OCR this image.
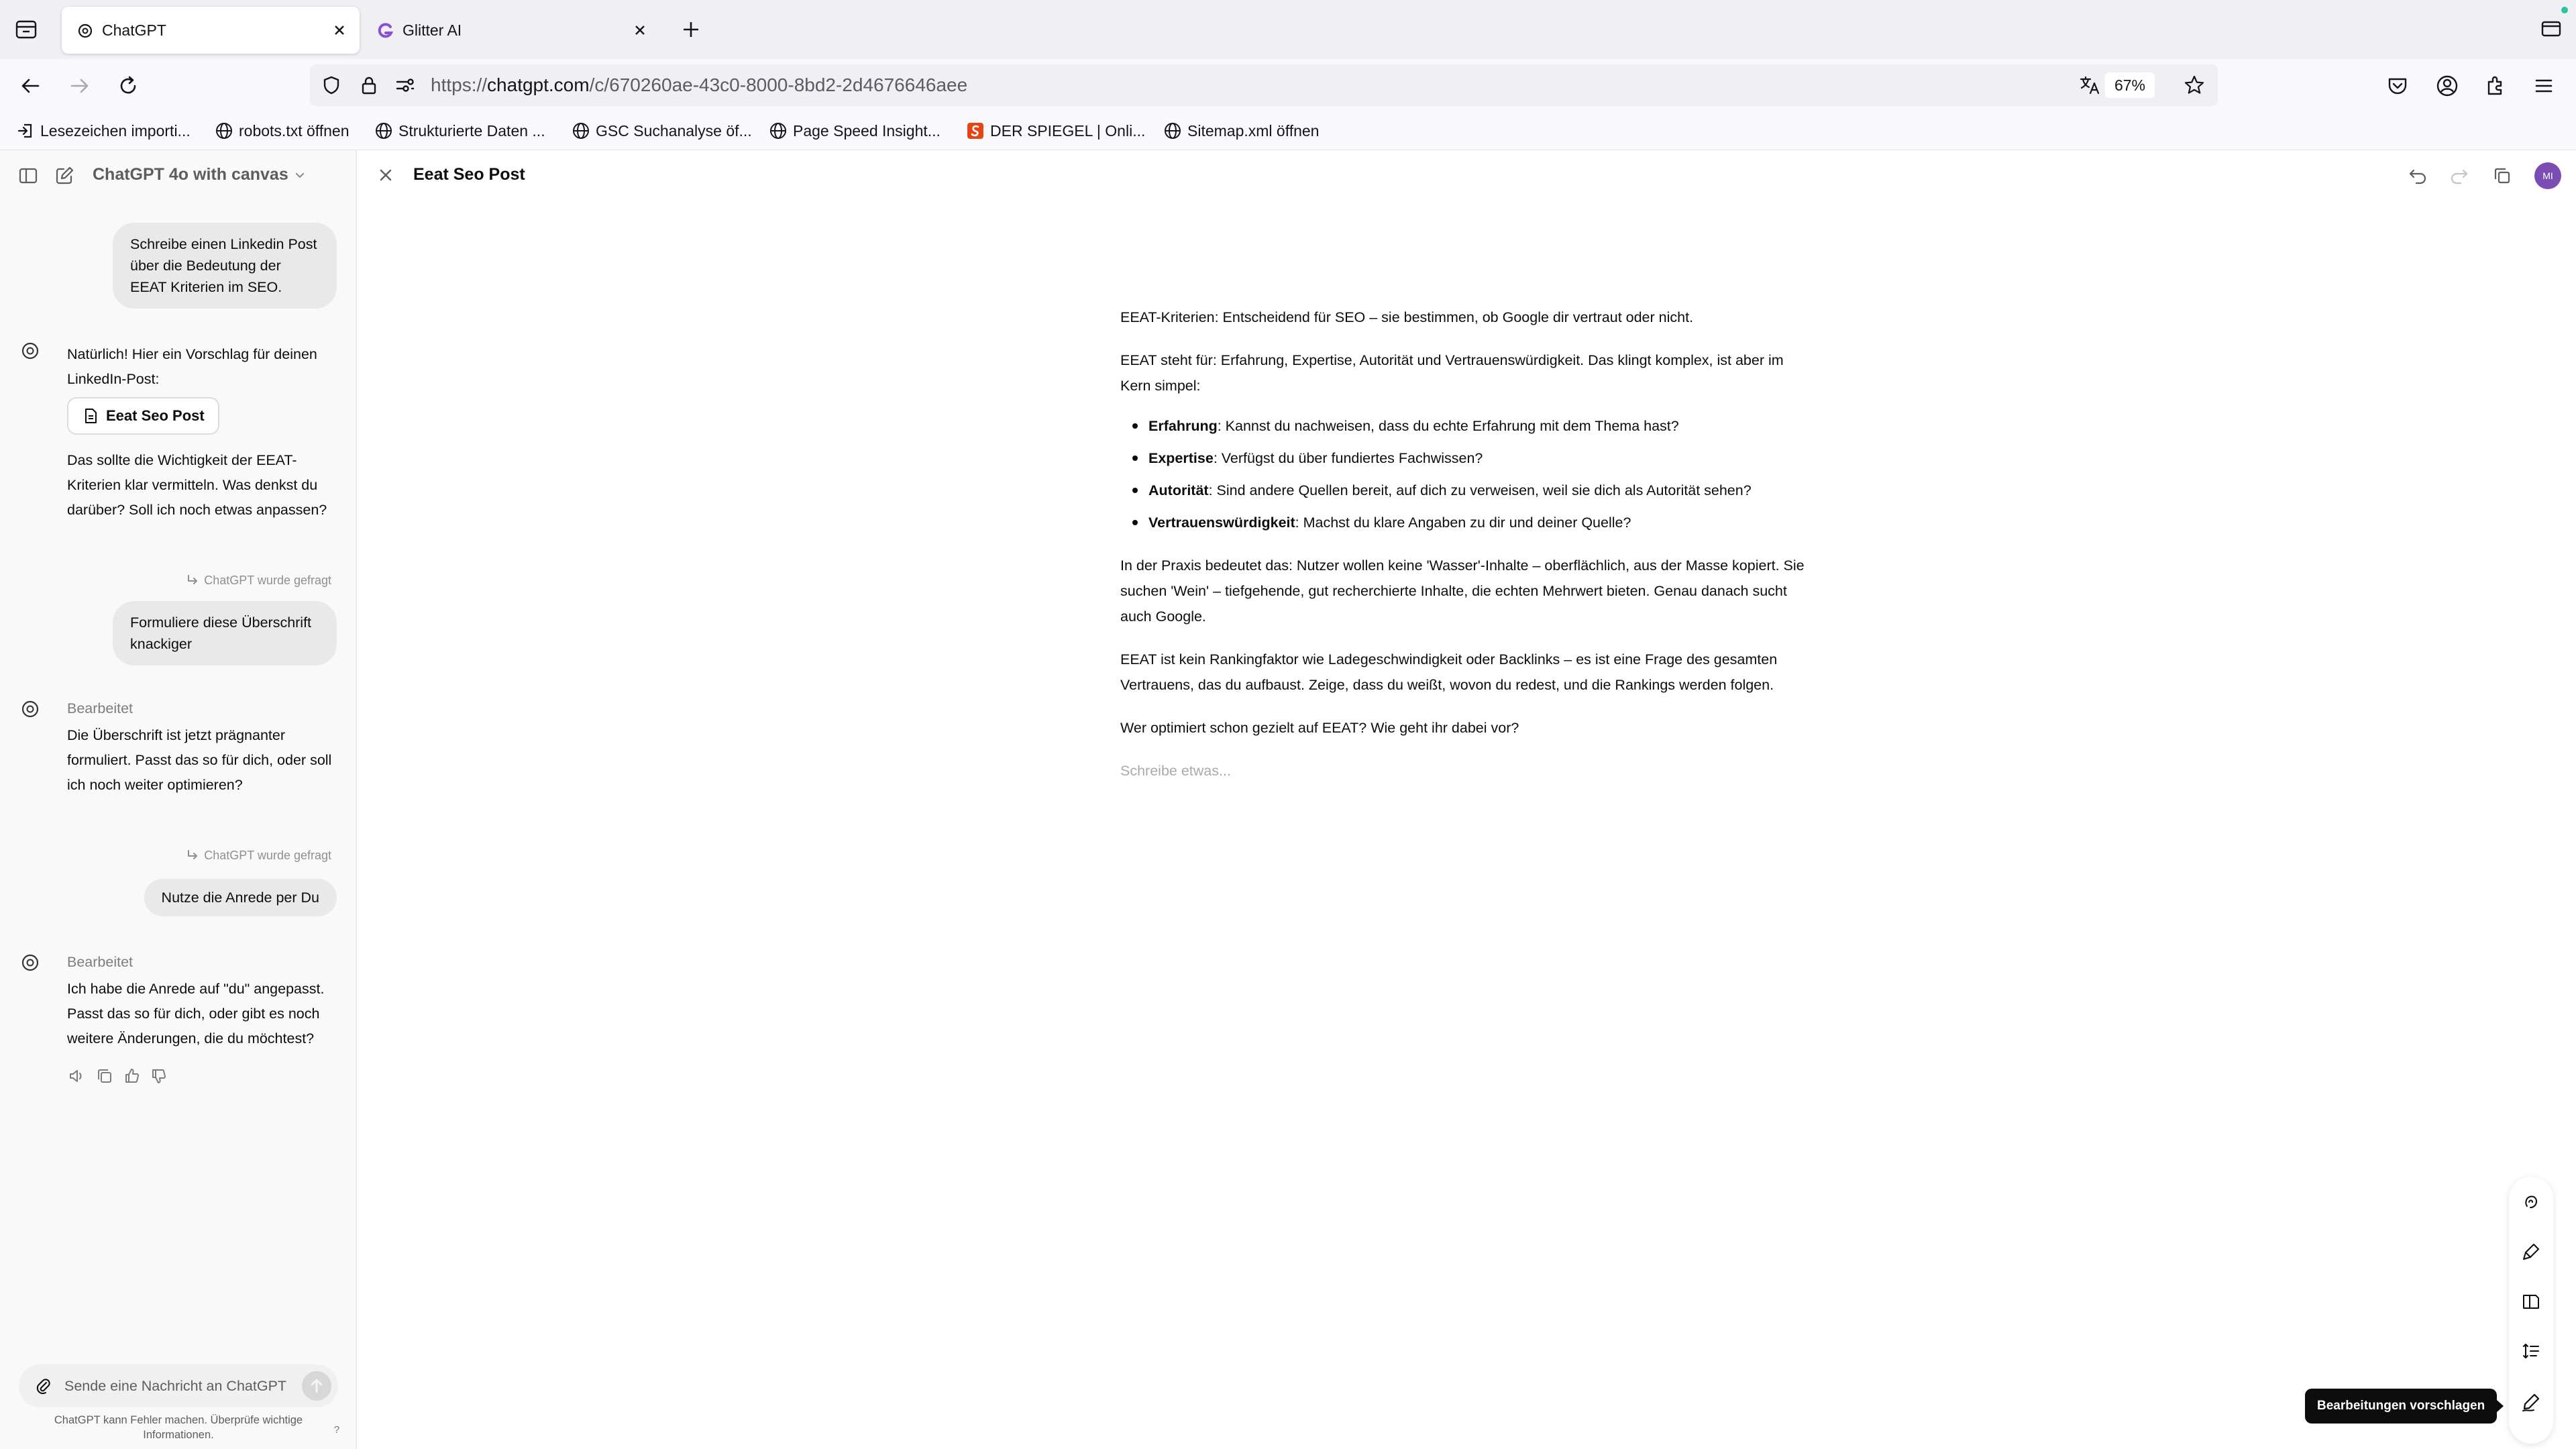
ChatGPT	Glitter AI
https://chatgpt.com/c/670260ae-43c0-8000-8bd2-2d4676646aee	67%
Lesezeichen importi...	robots.txt öffnen	Strukturierte Daten ...	GSC Suchanalyse öf...	Page Speed Insight...	DER SPIEGEL | Onli...	Sitemap.xml öffnen
ChatGPT 4o with canvas
Schreibe einen Linkedin Post über die Bedeutung der EEAT Kriterien im SEO.
Natürlich! Hier ein Vorschlag für deinen LinkedIn-Post:
Eeat Seo Post
Das sollte die Wichtigkeit der EEAT-Kriterien klar vermitteln. Was denkst du darüber? Soll ich noch etwas anpassen?
ChatGPT wurde gefragt
Formuliere diese Überschrift knackiger
Bearbeitet
Die Überschrift ist jetzt prägnanter formuliert. Passt das so für dich, oder soll ich noch weiter optimieren?
ChatGPT wurde gefragt
Nutze die Anrede per Du
Bearbeitet
Ich habe die Anrede auf "du" angepasst. Passt das so für dich, oder gibt es noch weitere Änderungen, die du möchtest?
Sende eine Nachricht an ChatGPT
ChatGPT kann Fehler machen. Überprüfe wichtige Informationen.	?
Eeat Seo Post	MI

EEAT-Kriterien: Entscheidend für SEO – sie bestimmen, ob Google dir vertraut oder nicht.

EEAT steht für: Erfahrung, Expertise, Autorität und Vertrauenswürdigkeit. Das klingt komplex, ist aber im Kern simpel:

Erfahrung: Kannst du nachweisen, dass du echte Erfahrung mit dem Thema hast?
Expertise: Verfügst du über fundiertes Fachwissen?
Autorität: Sind andere Quellen bereit, auf dich zu verweisen, weil sie dich als Autorität sehen?
Vertrauenswürdigkeit: Machst du klare Angaben zu dir und deiner Quelle?

In der Praxis bedeutet das: Nutzer wollen keine 'Wasser'-Inhalte – oberflächlich, aus der Masse kopiert. Sie suchen 'Wein' – tiefgehende, gut recherchierte Inhalte, die echten Mehrwert bieten. Genau danach sucht auch Google.

EEAT ist kein Rankingfaktor wie Ladegeschwindigkeit oder Backlinks – es ist eine Frage des gesamten Vertrauens, das du aufbaust. Zeige, dass du weißt, wovon du redest, und die Rankings werden folgen.

Wer optimiert schon gezielt auf EEAT? Wie geht ihr dabei vor?

Schreibe etwas...

Bearbeitungen vorschlagen
